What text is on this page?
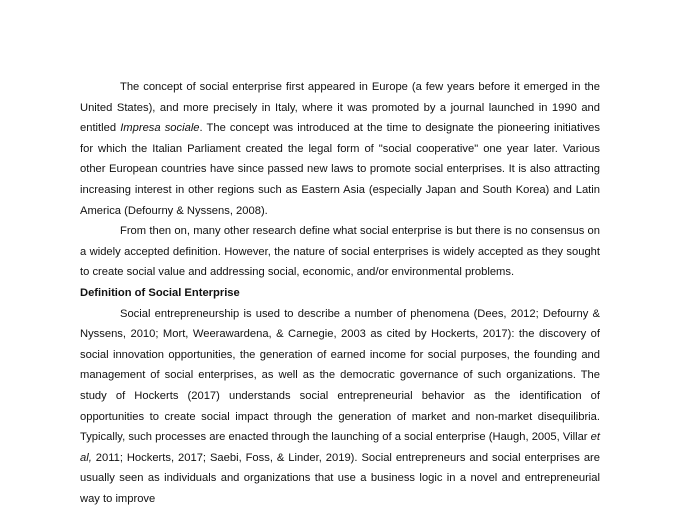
The concept of social enterprise first appeared in Europe (a few years before it emerged in the United States), and more precisely in Italy, where it was promoted by a journal launched in 1990 and entitled Impresa sociale. The concept was introduced at the time to designate the pioneering initiatives for which the Italian Parliament created the legal form of "social cooperative" one year later. Various other European countries have since passed new laws to promote social enterprises. It is also attracting increasing interest in other regions such as Eastern Asia (especially Japan and South Korea) and Latin America (Defourny & Nyssens, 2008).

From then on, many other research define what social enterprise is but there is no consensus on a widely accepted definition. However, the nature of social enterprises is widely accepted as they sought to create social value and addressing social, economic, and/or environmental problems.

Definition of Social Enterprise

Social entrepreneurship is used to describe a number of phenomena (Dees, 2012; Defourny & Nyssens, 2010; Mort, Weerawardena, & Carnegie, 2003 as cited by Hockerts, 2017): the discovery of social innovation opportunities, the generation of earned income for social purposes, the founding and management of social enterprises, as well as the democratic governance of such organizations. The study of Hockerts (2017) understands social entrepreneurial behavior as the identification of opportunities to create social impact through the generation of market and non-market disequilibria. Typically, such processes are enacted through the launching of a social enterprise (Haugh, 2005, Villar et al, 2011; Hockerts, 2017; Saebi, Foss, & Linder, 2019). Social entrepreneurs and social enterprises are usually seen as individuals and organizations that use a business logic in a novel and entrepreneurial way to improve
